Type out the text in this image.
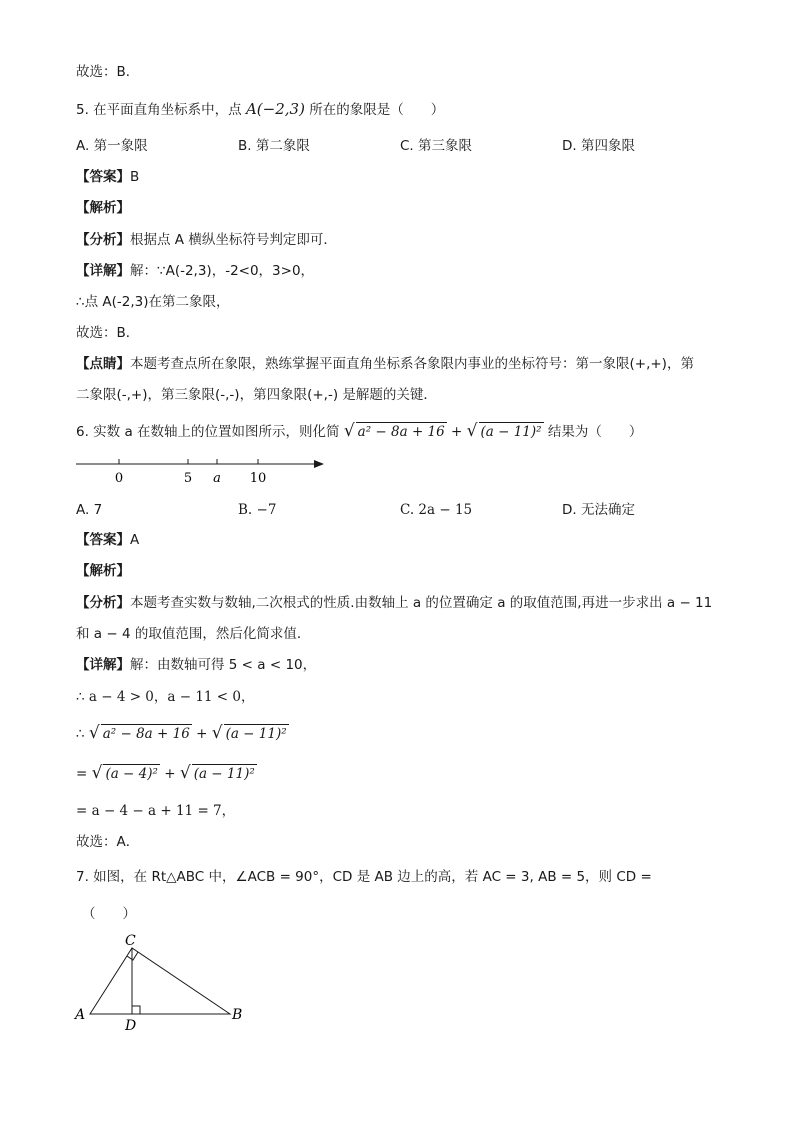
故选：B．
5. 在平面直角坐标系中，点 A(−2,3) 所在的象限是（　　）
A. 第一象限	B. 第二象限	C. 第三象限	D. 第四象限
【答案】B
【解析】
【分析】根据点 A 横纵坐标符号判定即可．
【详解】解：∵A(-2,3)，-2<0，3>0，
∴点 A(-2,3)在第二象限，
故选：B．
【点睛】本题考查点所在象限，熟练掌握平面直角坐标系各象限内事业的坐标符号：第一象限(+,+)，第
二象限(-,+)，第三象限(-,-)，第四象限(+,-) 是解题的关键．
6. 实数 a 在数轴上的位置如图所示，则化简 √ a² − 8a + 16 + √ (a − 11)² 结果为（　　）
0	5 a 10
A. 7	B. −7	C. 2a − 15	D. 无法确定
【答案】A
【解析】
【分析】本题考查实数与数轴,二次根式的性质.由数轴上 a 的位置确定 a 的取值范围,再进一步求出 a − 11
和 a − 4 的取值范围，然后化简求值．
【详解】解：由数轴可得 5 < a < 10，
∴ a − 4 > 0，a − 11 < 0，
∴ √ a² − 8a + 16 + √ (a − 11)²
= √ (a − 4)² + √ (a − 11)²
= a − 4 − a + 11 = 7，
故选：A．
7. 如图，在 Rt△ABC 中，∠ACB = 90°，CD 是 AB 边上的高，若 AC = 3, AB = 5，则 CD =
（　　）
C
A
D
B
